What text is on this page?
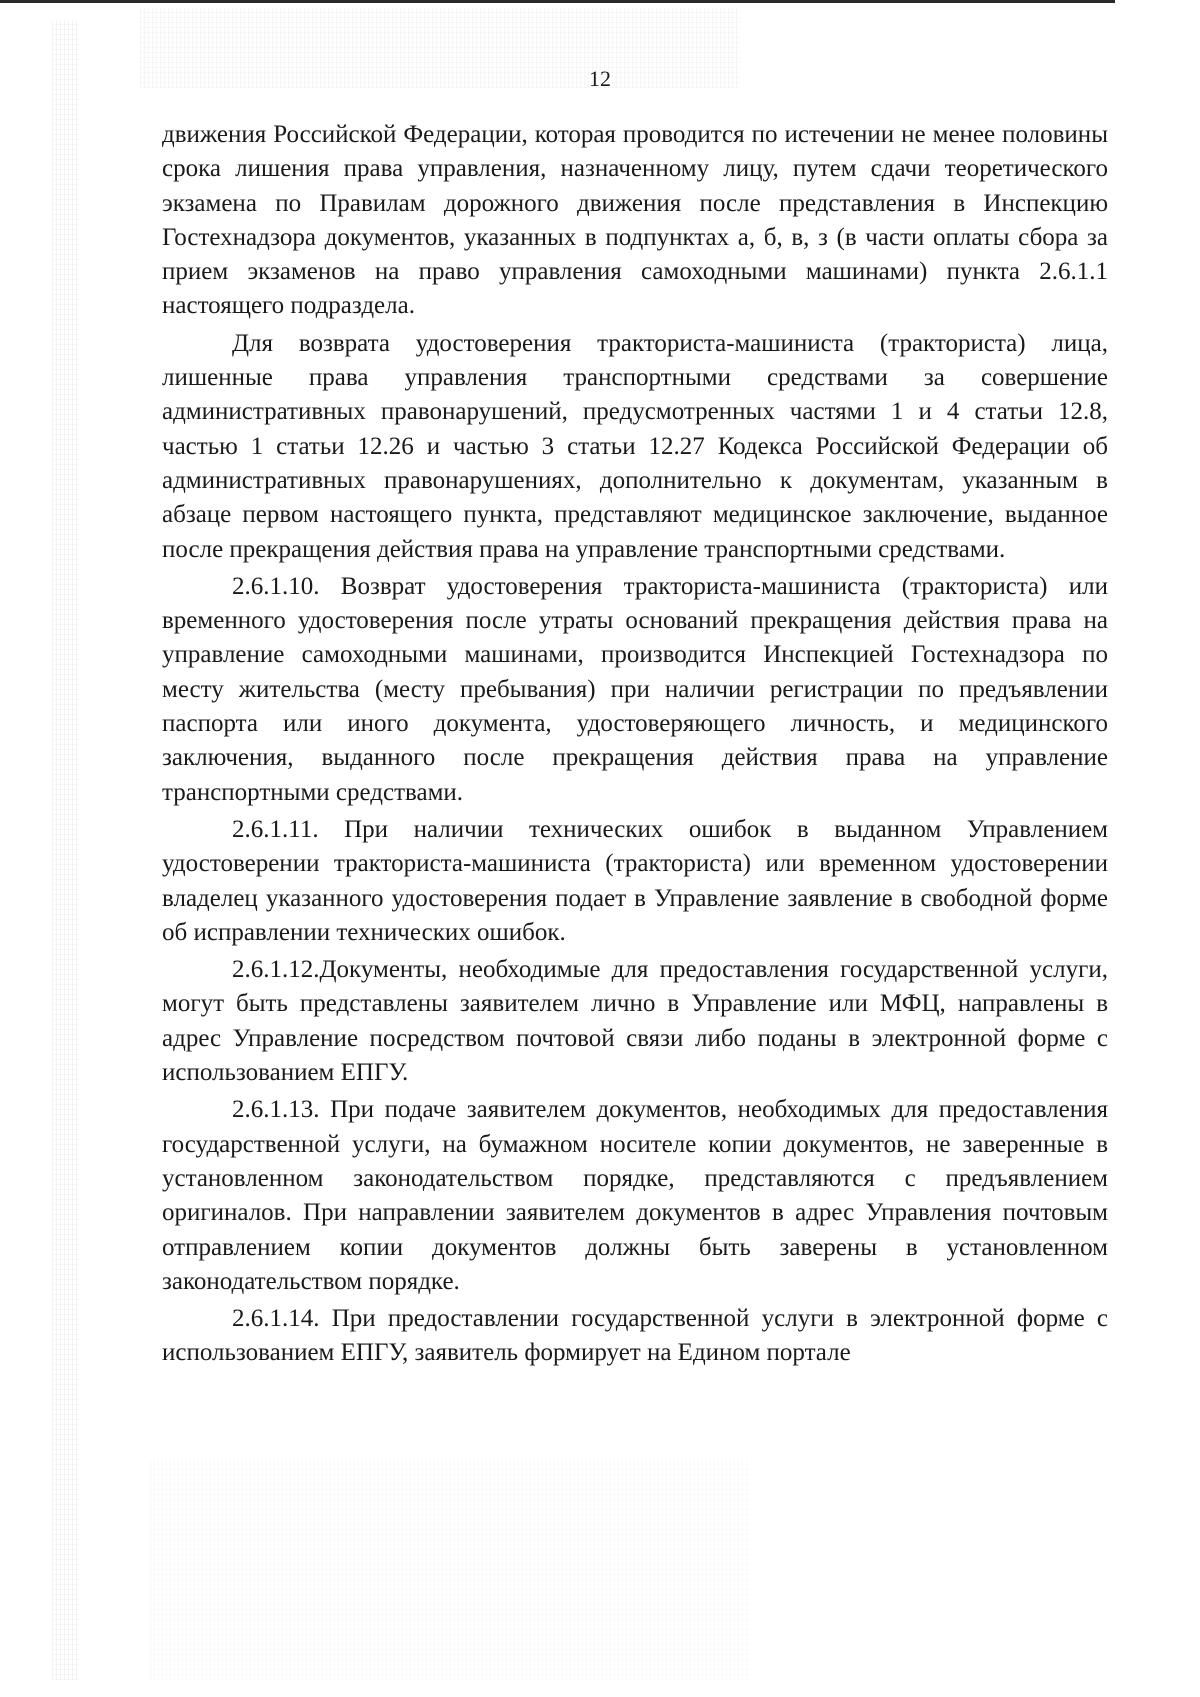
12

движения Российской Федерации, которая проводится по истечении не менее половины срока лишения права управления, назначенному лицу, путем сдачи теоретического экзамена по Правилам дорожного движения после представления в Инспекцию Гостехнадзора документов, указанных в подпунктах а, б, в, з (в части оплаты сбора за прием экзаменов на право управления самоходными машинами) пункта 2.6.1.1 настоящего подраздела.

Для возврата удостоверения тракториста-машиниста (тракториста) лица, лишенные права управления транспортными средствами за совершение административных правонарушений, предусмотренных частями 1 и 4 статьи 12.8, частью 1 статьи 12.26 и частью 3 статьи 12.27 Кодекса Российской Федерации об административных правонарушениях, дополнительно к документам, указанным в абзаце первом настоящего пункта, представляют медицинское заключение, выданное после прекращения действия права на управление транспортными средствами.

2.6.1.10. Возврат удостоверения тракториста-машиниста (тракториста) или временного удостоверения после утраты оснований прекращения действия права на управление самоходными машинами, производится Инспекцией Гостехнадзора по месту жительства (месту пребывания) при наличии регистрации по предъявлении паспорта или иного документа, удостоверяющего личность, и медицинского заключения, выданного после прекращения действия права на управление транспортными средствами.

2.6.1.11. При наличии технических ошибок в выданном Управлением удостоверении тракториста-машиниста (тракториста) или временном удостоверении владелец указанного удостоверения подает в Управление заявление в свободной форме об исправлении технических ошибок.

2.6.1.12.Документы, необходимые для предоставления государственной услуги, могут быть представлены заявителем лично в Управление или МФЦ, направлены в адрес Управление посредством почтовой связи либо поданы в электронной форме с использованием ЕПГУ.

2.6.1.13. При подаче заявителем документов, необходимых для предоставления государственной услуги, на бумажном носителе копии документов, не заверенные в установленном законодательством порядке, представляются с предъявлением оригиналов. При направлении заявителем документов в адрес Управления почтовым отправлением копии документов должны быть заверены в установленном законодательством порядке.

2.6.1.14. При предоставлении государственной услуги в электронной форме с использованием ЕПГУ, заявитель формирует на Едином портале
